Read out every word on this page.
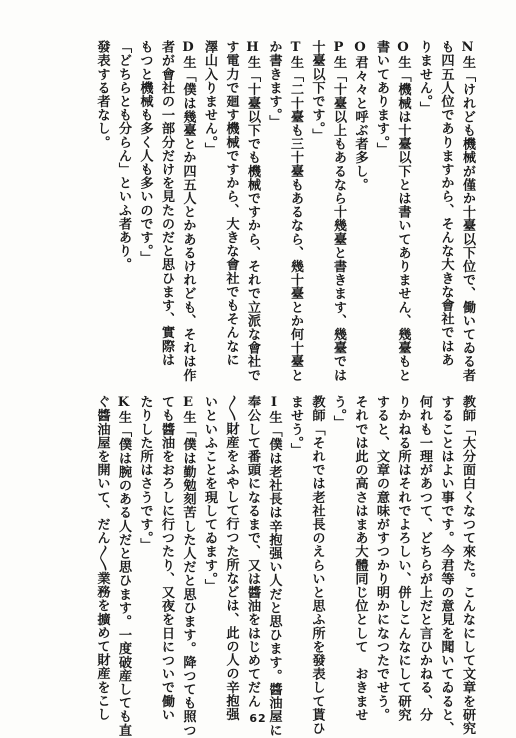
N生「けれども機械が僅か十臺以下位で、働いてゐる者
も四五人位でありますから、そんな大きな會社ではあ
りません。」
O生「機械は十臺以下とは書いてありません、幾臺もと
書いてあります。」
O君々々と呼ぶ者多し。
P生「十臺以上もあるなら十幾臺と書きます、幾臺では
十臺以下です。」
T生「二十臺も三十臺もあるなら、幾十臺とか何十臺と
か書きます。」
H生「十臺以下でも機械ですから、それで立派な會社で
す電力で廻す機械ですから、大きな會社でもそんなに
澤山入りません。」
D生「僕は幾臺とか四五人とかあるけれども、それは作
者が會社の一部分だけを見たのだと思ひます、實際は
もつと機械も多く人も多いのです。」
「どちらとも分らん」といふ者あり。
發表する者なし。
教師「大分面白くなつて來た。こんなにして文章を研究
することはよい事です。今君等の意見を聞いてゐると、
何れも一理があつて、どちらが上だと言ひかねる、分
りかねる所はそれでよろしい、併しこんなにして研究
すると、文章の意味がすつかり明かになつたでせう。
それでは此の高さはまあ大體同じ位として　おきませ
う。」
教師「それでは老社長のえらいと思ふ所を發表して貰ひ
ませう。」
I生「僕は老社長は辛抱强い人だと思ひます。醬油屋に
奉公して番頭になるまで、又は醬油をはじめてだん
〳〵財産をふやして行つた所などは、此の人の辛抱强
いといふことを現してゐます。」
E生「僕は勤勉刻苦した人だと思ひます。降つても照つ
ても醬油をおろしに行つたり、又夜を日についで働い
たりした所はさうです。」
K生「僕は腕のある人だと思ひます。一度破産しても直
ぐ醬油屋を開いて、だん〳〵業務を擴めて財産をこし	62
